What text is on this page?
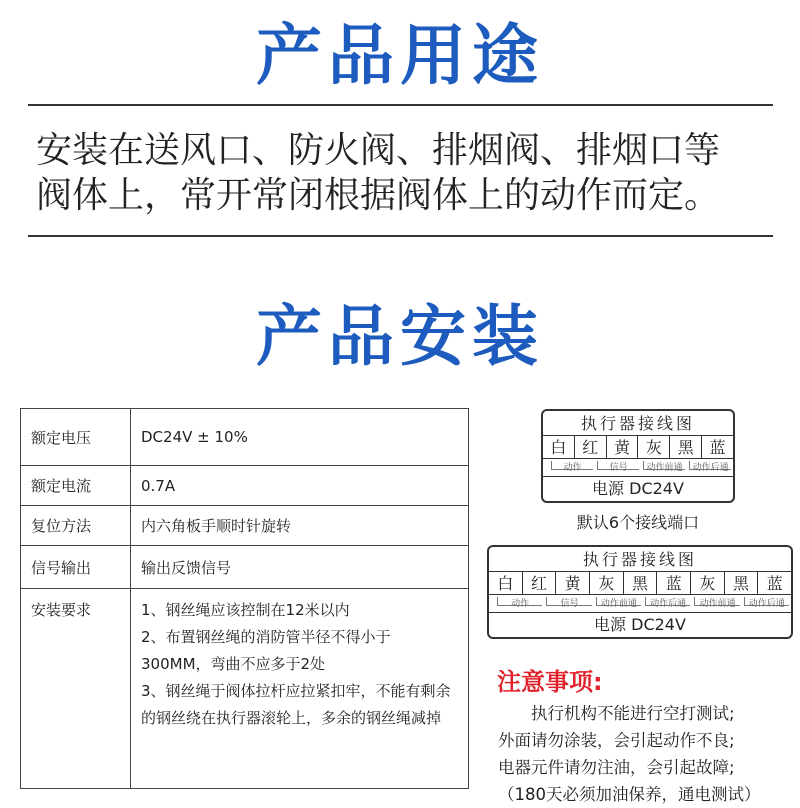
产品用途
安装在送风口、防火阀、排烟阀、排烟口等
阀体上，常开常闭根据阀体上的动作而定。
产品安装
额定电压	DC24V ± 10%
额定电流	0.7A
复位方法	内六角板手顺时针旋转
信号输出	输出反馈信号
安装要求	1、钢丝绳应该控制在12米以内
2、布置钢丝绳的消防管半径不得小于300MM，弯曲不应多于2处
3、钢丝绳于阀体拉杆应拉紧扣牢，不能有剩余的钢丝绕在执行器滚轮上，多余的钢丝绳减掉
执行器接线图
白 红 黄 灰 黑 蓝
动作	信号	动作前通	动作后通
电源 DC24V
默认6个接线端口
执行器接线图
白	红	黄	灰	黑	蓝	灰	黑	蓝
动作	信号	动作前通	动作后通	动作前通	动作后通
电源 DC24V
注意事项:
　　执行机构不能进行空打测试;
外面请勿涂装，会引起动作不良;
电器元件请勿注油，会引起故障;
（180天必须加油保养，通电测试）
